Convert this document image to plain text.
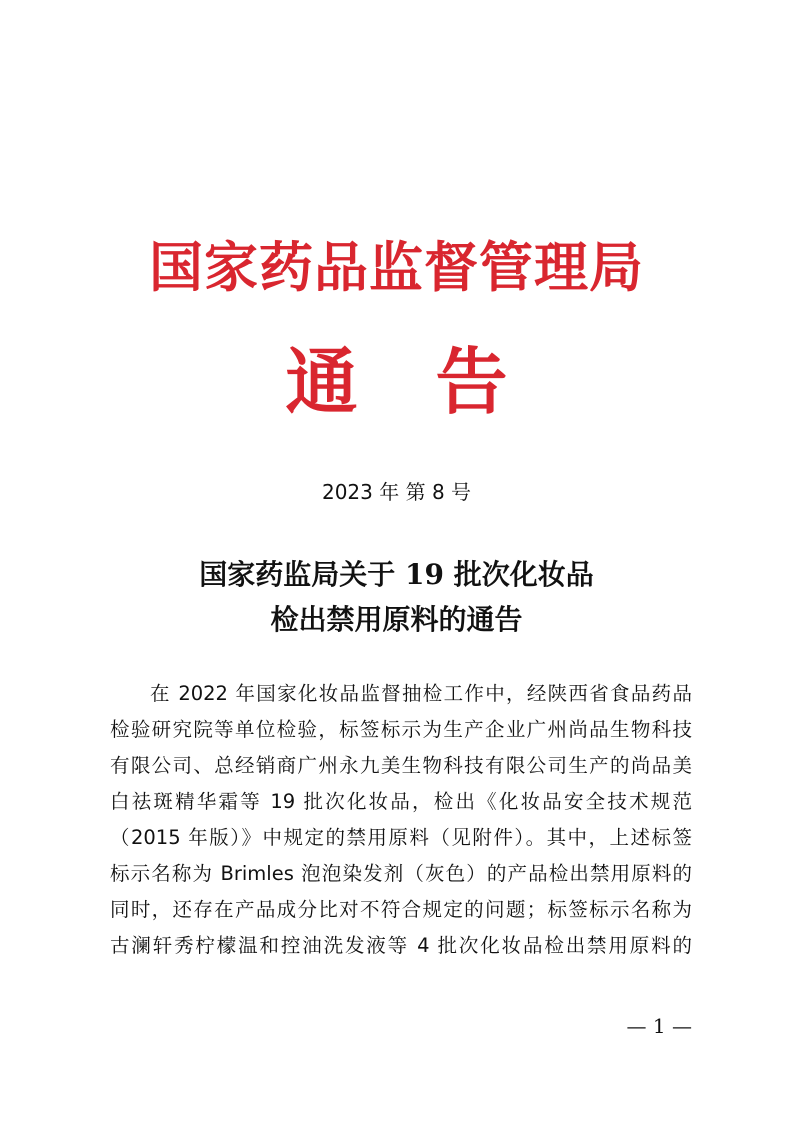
国家药品监督管理局
通 告
2023 年 第 8 号
国家药监局关于 19 批次化妆品
检出禁用原料的通告
在 2022 年国家化妆品监督抽检工作中，经陕西省食品药品
检验研究院等单位检验，标签标示为生产企业广州尚品生物科技
有限公司、总经销商广州永九美生物科技有限公司生产的尚品美
白祛斑精华霜等 19 批次化妆品，检出《化妆品安全技术规范
（2015 年版）》中规定的禁用原料（见附件）。其中，上述标签
标示名称为 Brimles 泡泡染发剂（灰色）的产品检出禁用原料的
同时，还存在产品成分比对不符合规定的问题；标签标示名称为
古澜轩秀柠檬温和控油洗发液等 4 批次化妆品检出禁用原料的
— 1 —
